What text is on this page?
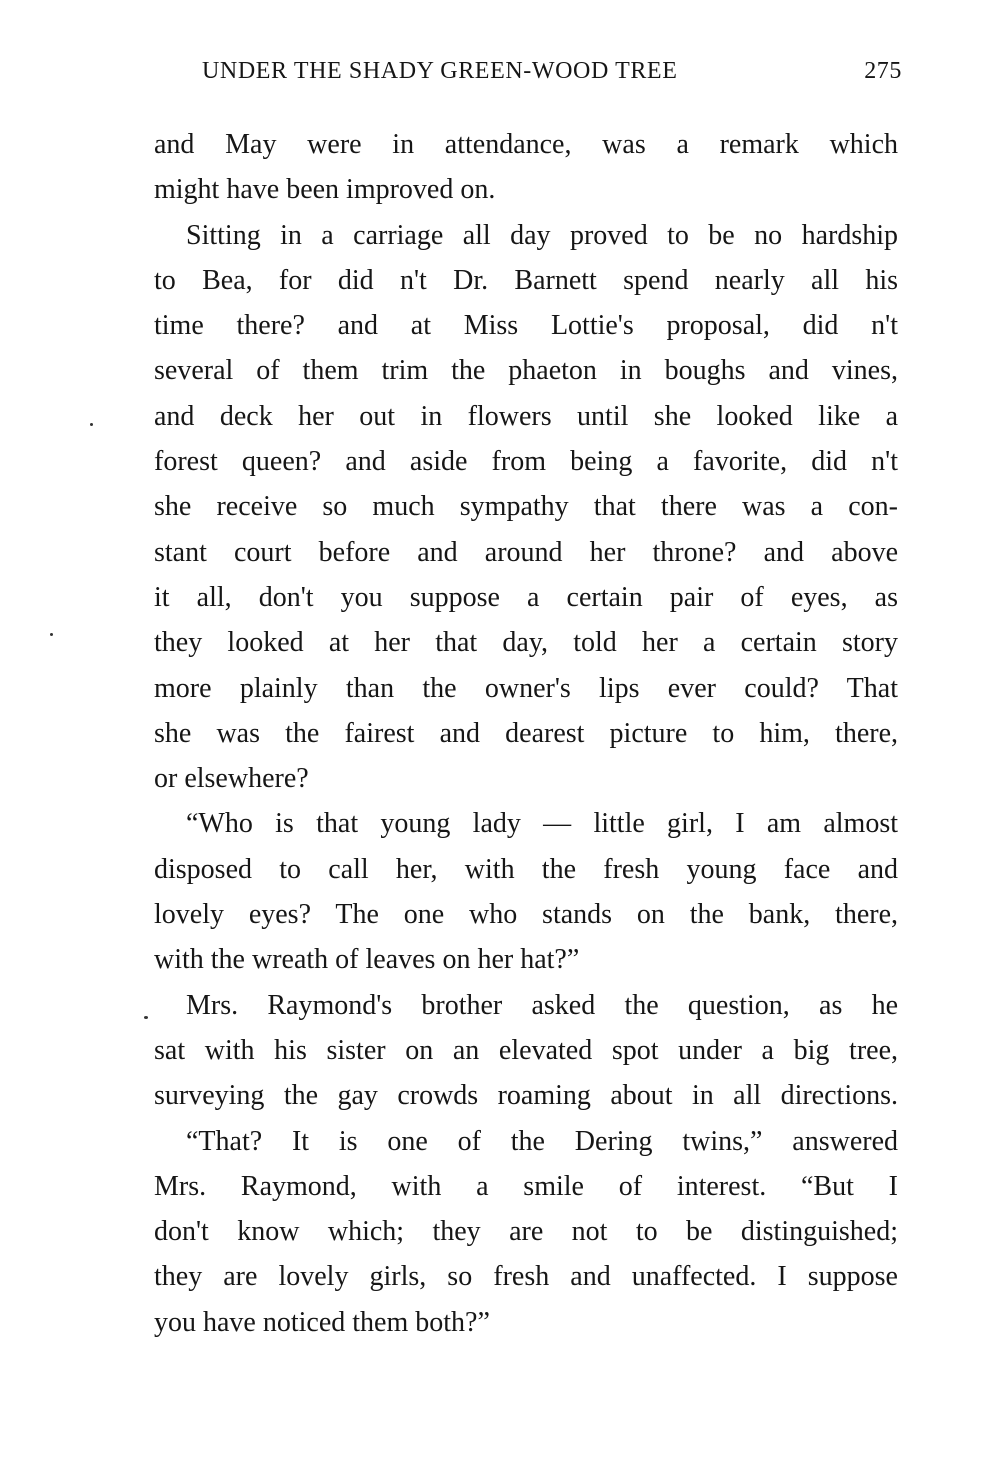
UNDER THE SHADY GREEN-WOOD TREE	275
and May were in attendance, was a remark which
might have been improved on.
Sitting in a carriage all day proved to be no hardship
to Bea, for did n't Dr. Barnett spend nearly all his
time there? and at Miss Lottie's proposal, did n't
several of them trim the phaeton in boughs and vines,
and deck her out in flowers until she looked like a
forest queen? and aside from being a favorite, did n't
she receive so much sympathy that there was a con-
stant court before and around her throne? and above
it all, don't you suppose a certain pair of eyes, as
they looked at her that day, told her a certain story
more plainly than the owner's lips ever could? That
she was the fairest and dearest picture to him, there,
or elsewhere?
“Who is that young lady — little girl, I am almost
disposed to call her, with the fresh young face and
lovely eyes? The one who stands on the bank, there,
with the wreath of leaves on her hat?”
Mrs. Raymond's brother asked the question, as he
sat with his sister on an elevated spot under a big tree,
surveying the gay crowds roaming about in all directions.
“That? It is one of the Dering twins,” answered
Mrs. Raymond, with a smile of interest. “But I
don't know which; they are not to be distinguished;
they are lovely girls, so fresh and unaffected. I suppose
you have noticed them both?”
